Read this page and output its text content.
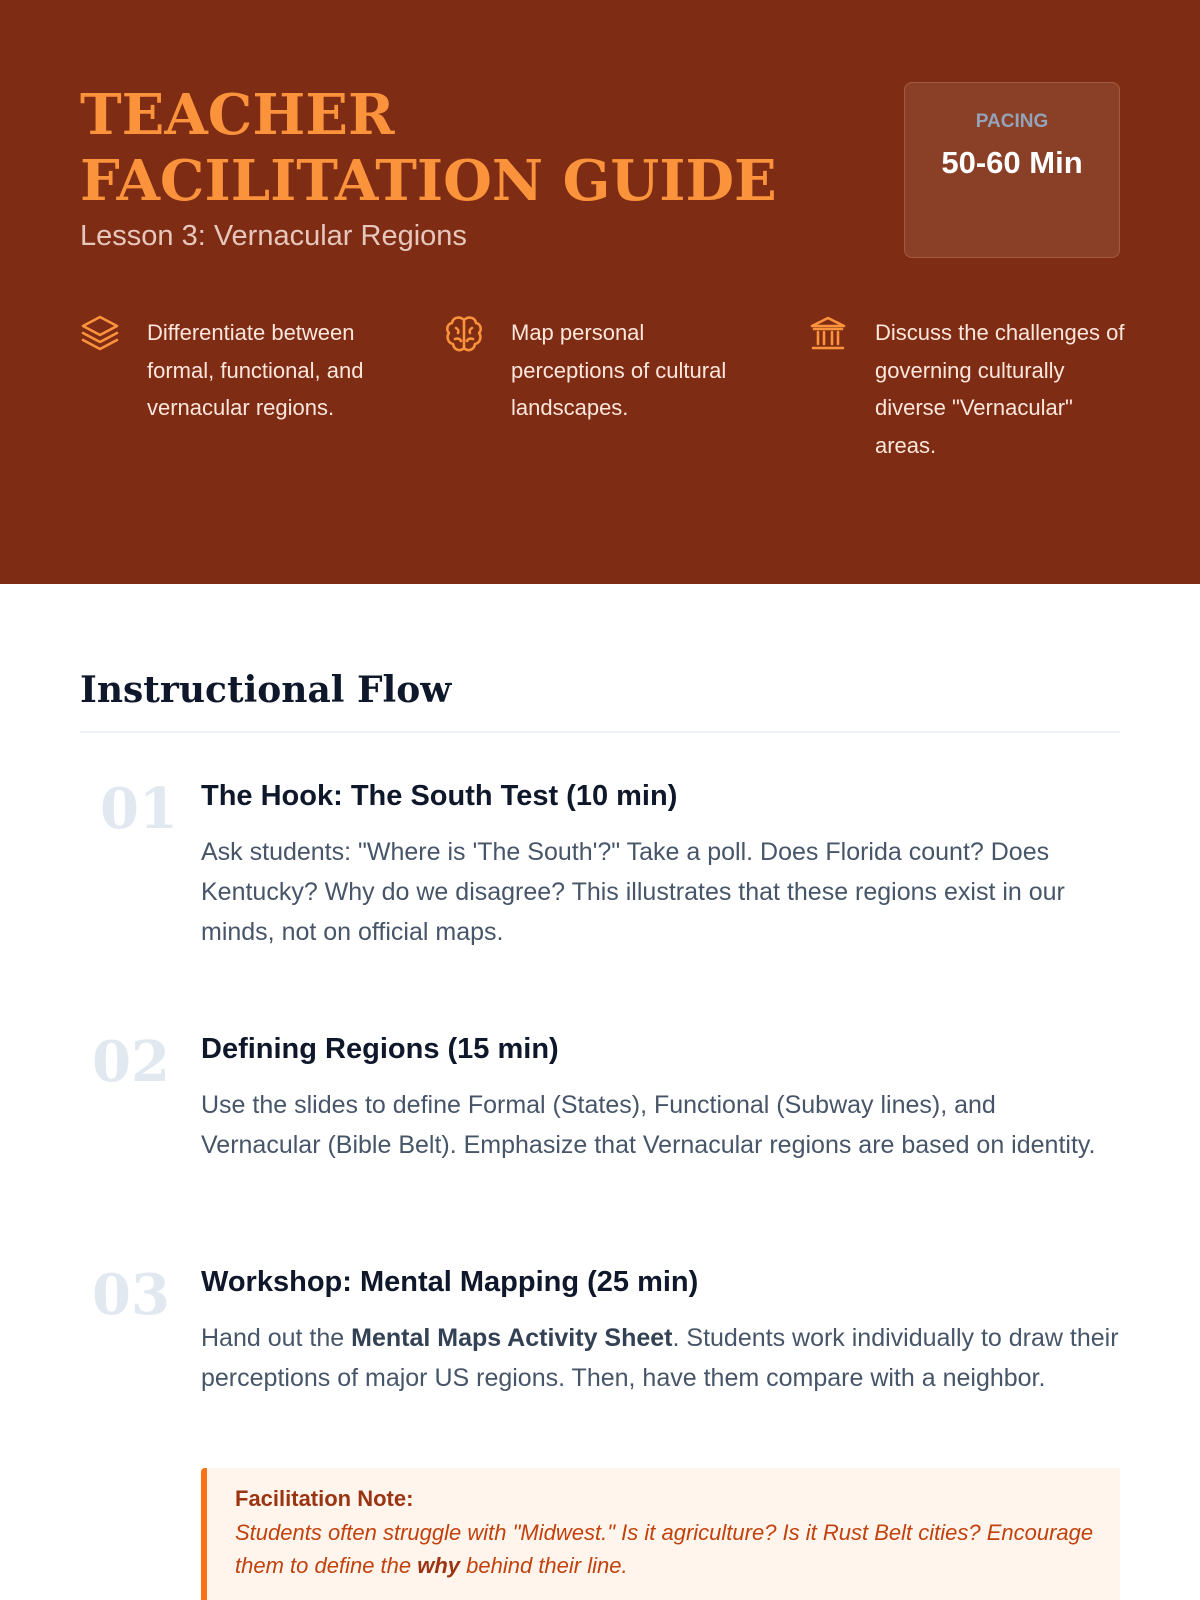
TEACHER FACILITATION GUIDE
Lesson 3: Vernacular Regions
PACING
50-60 Min
Differentiate between formal, functional, and vernacular regions.
Map personal perceptions of cultural landscapes.
Discuss the challenges of governing culturally diverse "Vernacular" areas.
Instructional Flow
01 The Hook: The South Test (10 min)

Ask students: "Where is 'The South'?" Take a poll. Does Florida count? Does Kentucky? Why do we disagree? This illustrates that these regions exist in our minds, not on official maps.

02	Defining Regions (15 min)

Use the slides to define Formal (States), Functional (Subway lines), and Vernacular (Bible Belt). Emphasize that Vernacular regions are based on identity.

03	Workshop: Mental Mapping (25 min)

Hand out the Mental Maps Activity Sheet. Students work individually to draw their perceptions of major US regions. Then, have them compare with a neighbor.

Facilitation Note:
Students often struggle with "Midwest." Is it agriculture? Is it Rust Belt cities? Encourage them to define the why behind their line.
